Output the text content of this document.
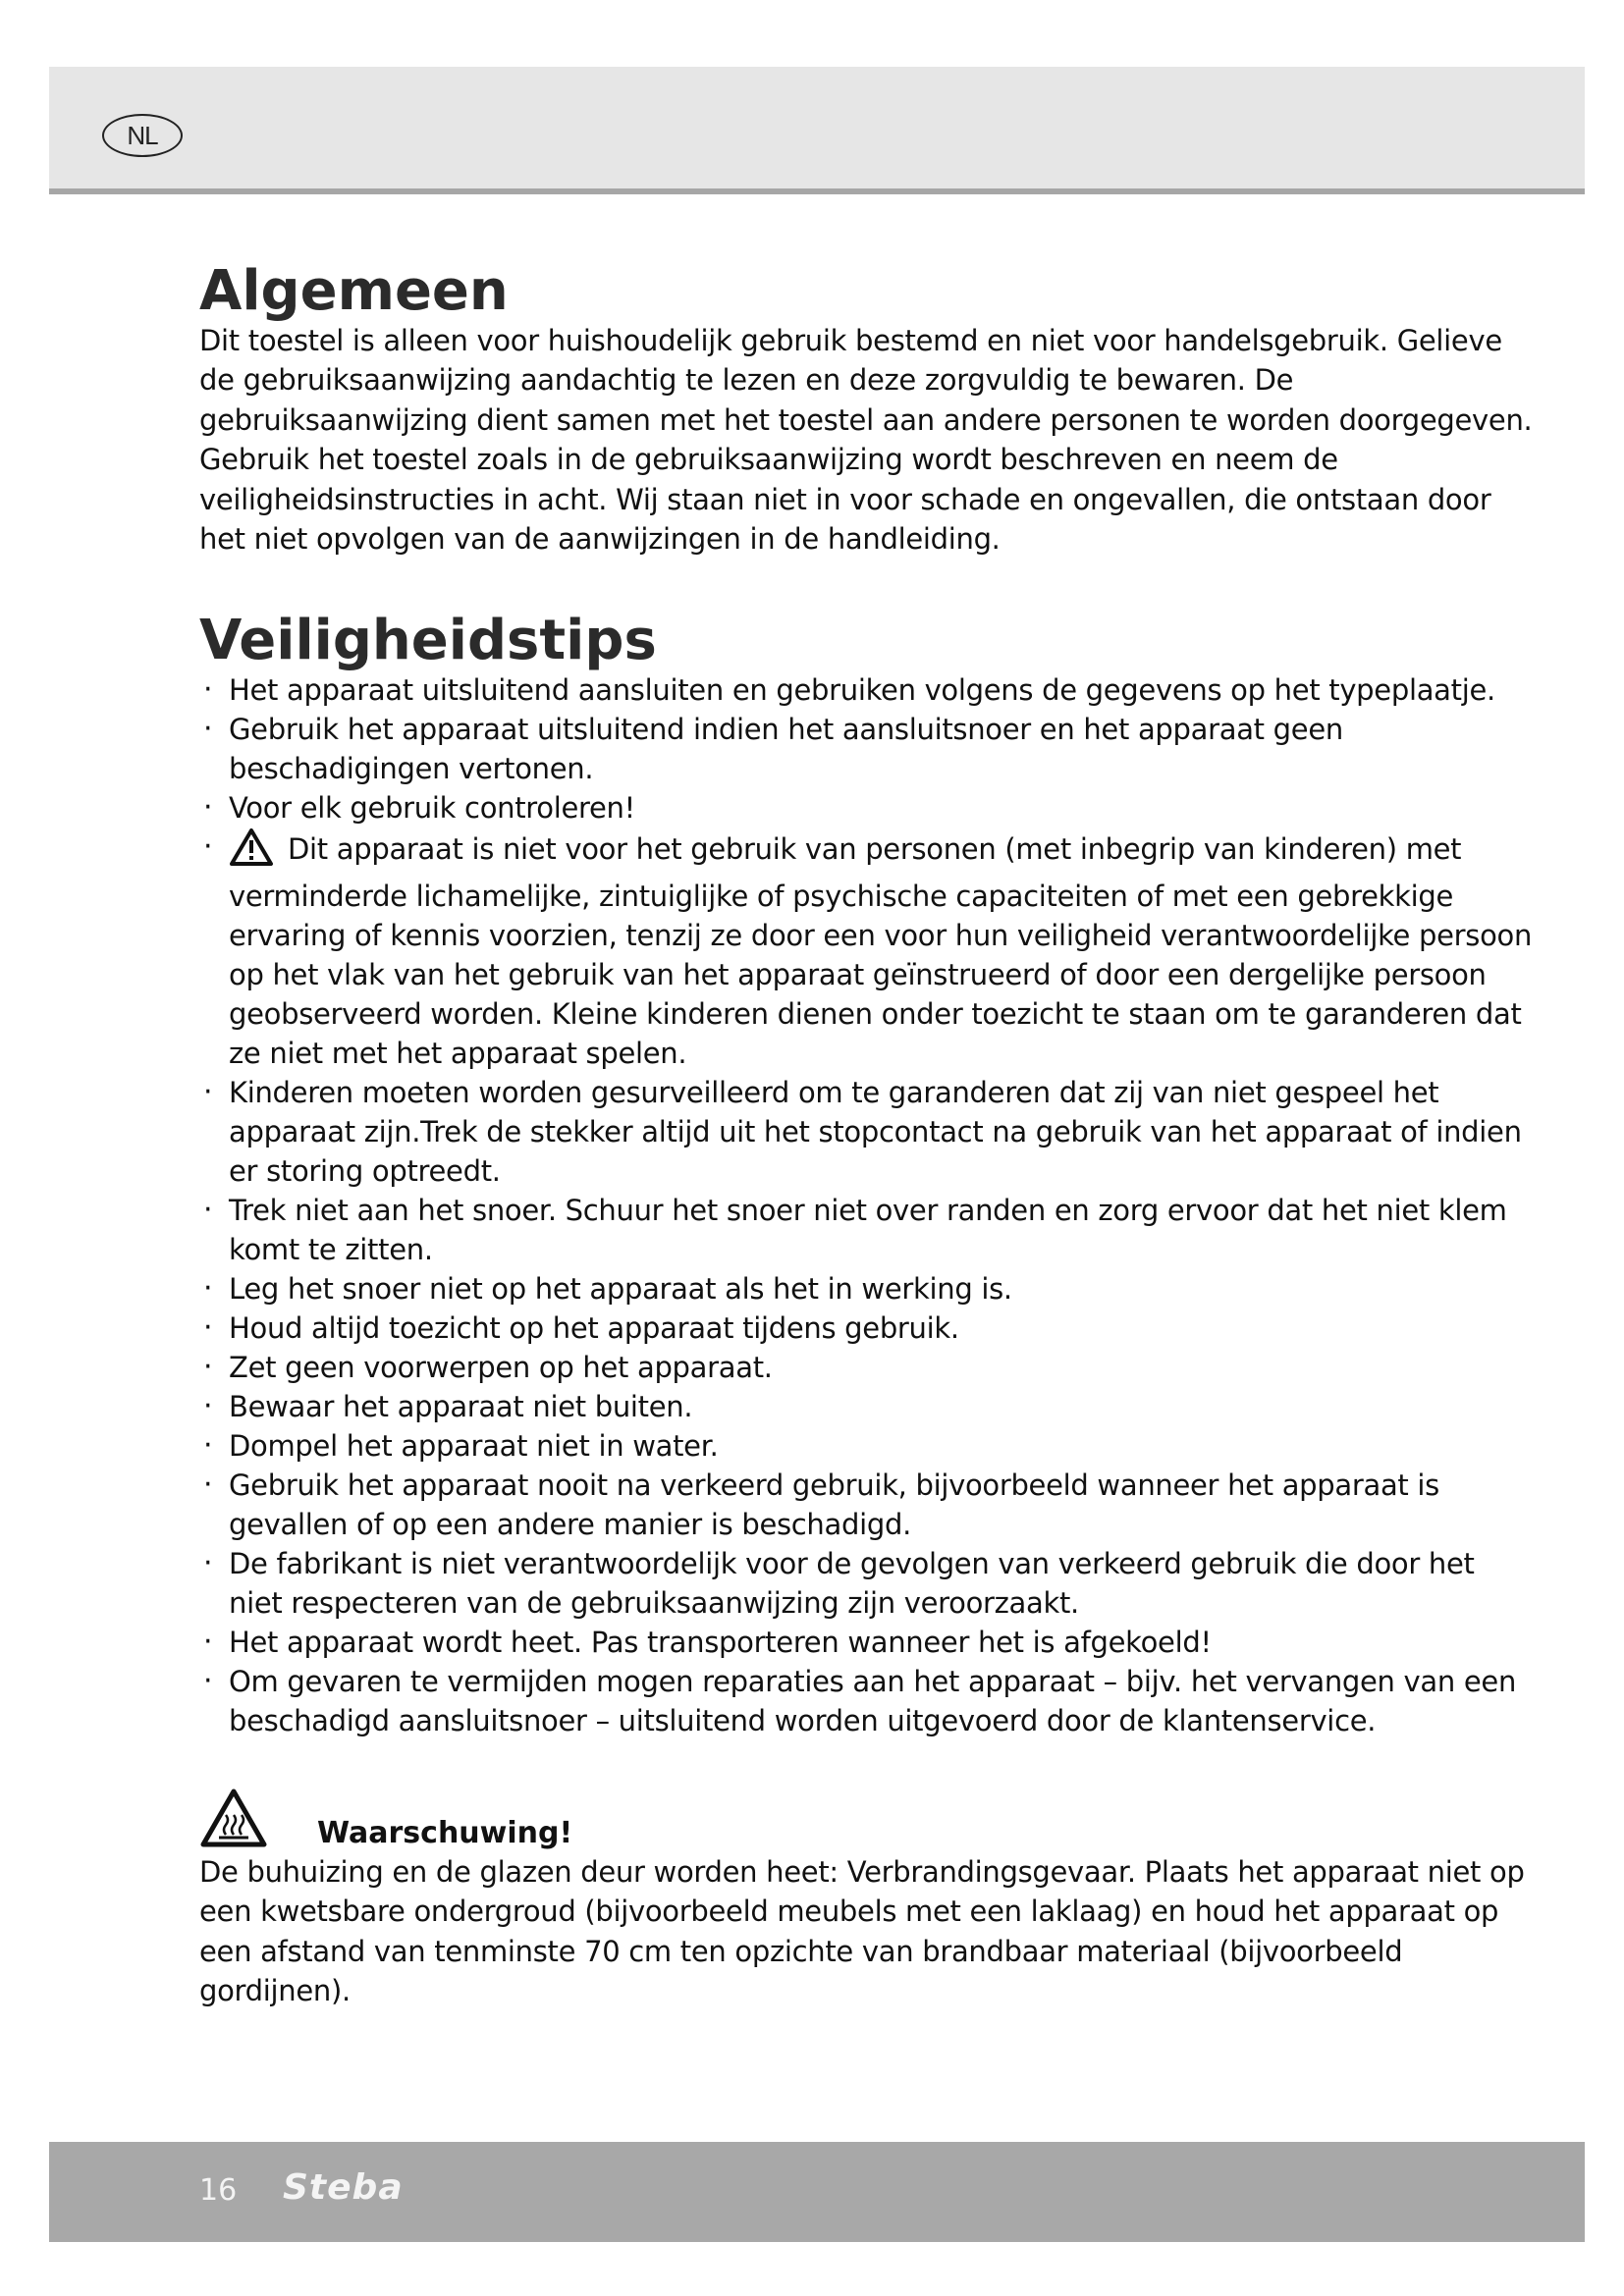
NL
Algemeen

Dit toestel is alleen voor huishoudelijk gebruik bestemd en niet voor handelsgebruik. Gelieve de gebruiksaanwijzing aandachtig te lezen en deze zorgvuldig te bewaren. De gebruiksaanwijzing dient samen met het toestel aan andere personen te worden doorgegeven. Gebruik het toestel zoals in de gebruiksaanwijzing wordt beschreven en neem de veiligheidsinstructies in acht. Wij staan niet in voor schade en ongevallen, die ontstaan door het niet opvolgen van de aanwijzingen in de handleiding.

Veiligheidstips
· Het apparaat uitsluitend aansluiten en gebruiken volgens de gegevens op het typeplaatje.
· Gebruik het apparaat uitsluitend indien het aansluitsnoer en het apparaat geen beschadigingen vertonen.
· Voor elk gebruik controleren!
· Dit apparaat is niet voor het gebruik van personen (met inbegrip van kinderen) met verminderde lichamelijke, zintuiglijke of psychische capaciteiten of met een gebrekkige ervaring of kennis voorzien, tenzij ze door een voor hun veiligheid verantwoordelijke persoon op het vlak van het gebruik van het apparaat geïnstrueerd of door een dergelijke persoon geobserveerd worden. Kleine kinderen dienen onder toezicht te staan om te garanderen dat ze niet met het apparaat spelen.
· Kinderen moeten worden gesurveilleerd om te garanderen dat zij van niet gespeel het apparaat zijn.Trek de stekker altijd uit het stopcontact na gebruik van het apparaat of indien er storing optreedt.
· Trek niet aan het snoer. Schuur het snoer niet over randen en zorg ervoor dat het niet klem komt te zitten.
· Leg het snoer niet op het apparaat als het in werking is.
· Houd altijd toezicht op het apparaat tijdens gebruik.
· Zet geen voorwerpen op het apparaat.
· Bewaar het apparaat niet buiten.
· Dompel het apparaat niet in water.
· Gebruik het apparaat nooit na verkeerd gebruik, bijvoorbeeld wanneer het apparaat is gevallen of op een andere manier is beschadigd.
· De fabrikant is niet verantwoordelijk voor de gevolgen van verkeerd gebruik die door het niet respecteren van de gebruiksaanwijzing zijn veroorzaakt.
· Het apparaat wordt heet. Pas transporteren wanneer het is afgekoeld!
· Om gevaren te vermijden mogen reparaties aan het apparaat – bijv. het vervangen van een beschadigd aansluitsnoer – uitsluitend worden uitgevoerd door de klantenservice.
Waarschuwing!

De buhuizing en de glazen deur worden heet: Verbrandingsgevaar. Plaats het apparaat niet op een kwetsbare ondergroud (bijvoorbeeld meubels met een laklaag) en houd het apparaat op een afstand van tenminste 70 cm ten opzichte van brandbaar materiaal (bijvoorbeeld gordijnen).

16 Steba
